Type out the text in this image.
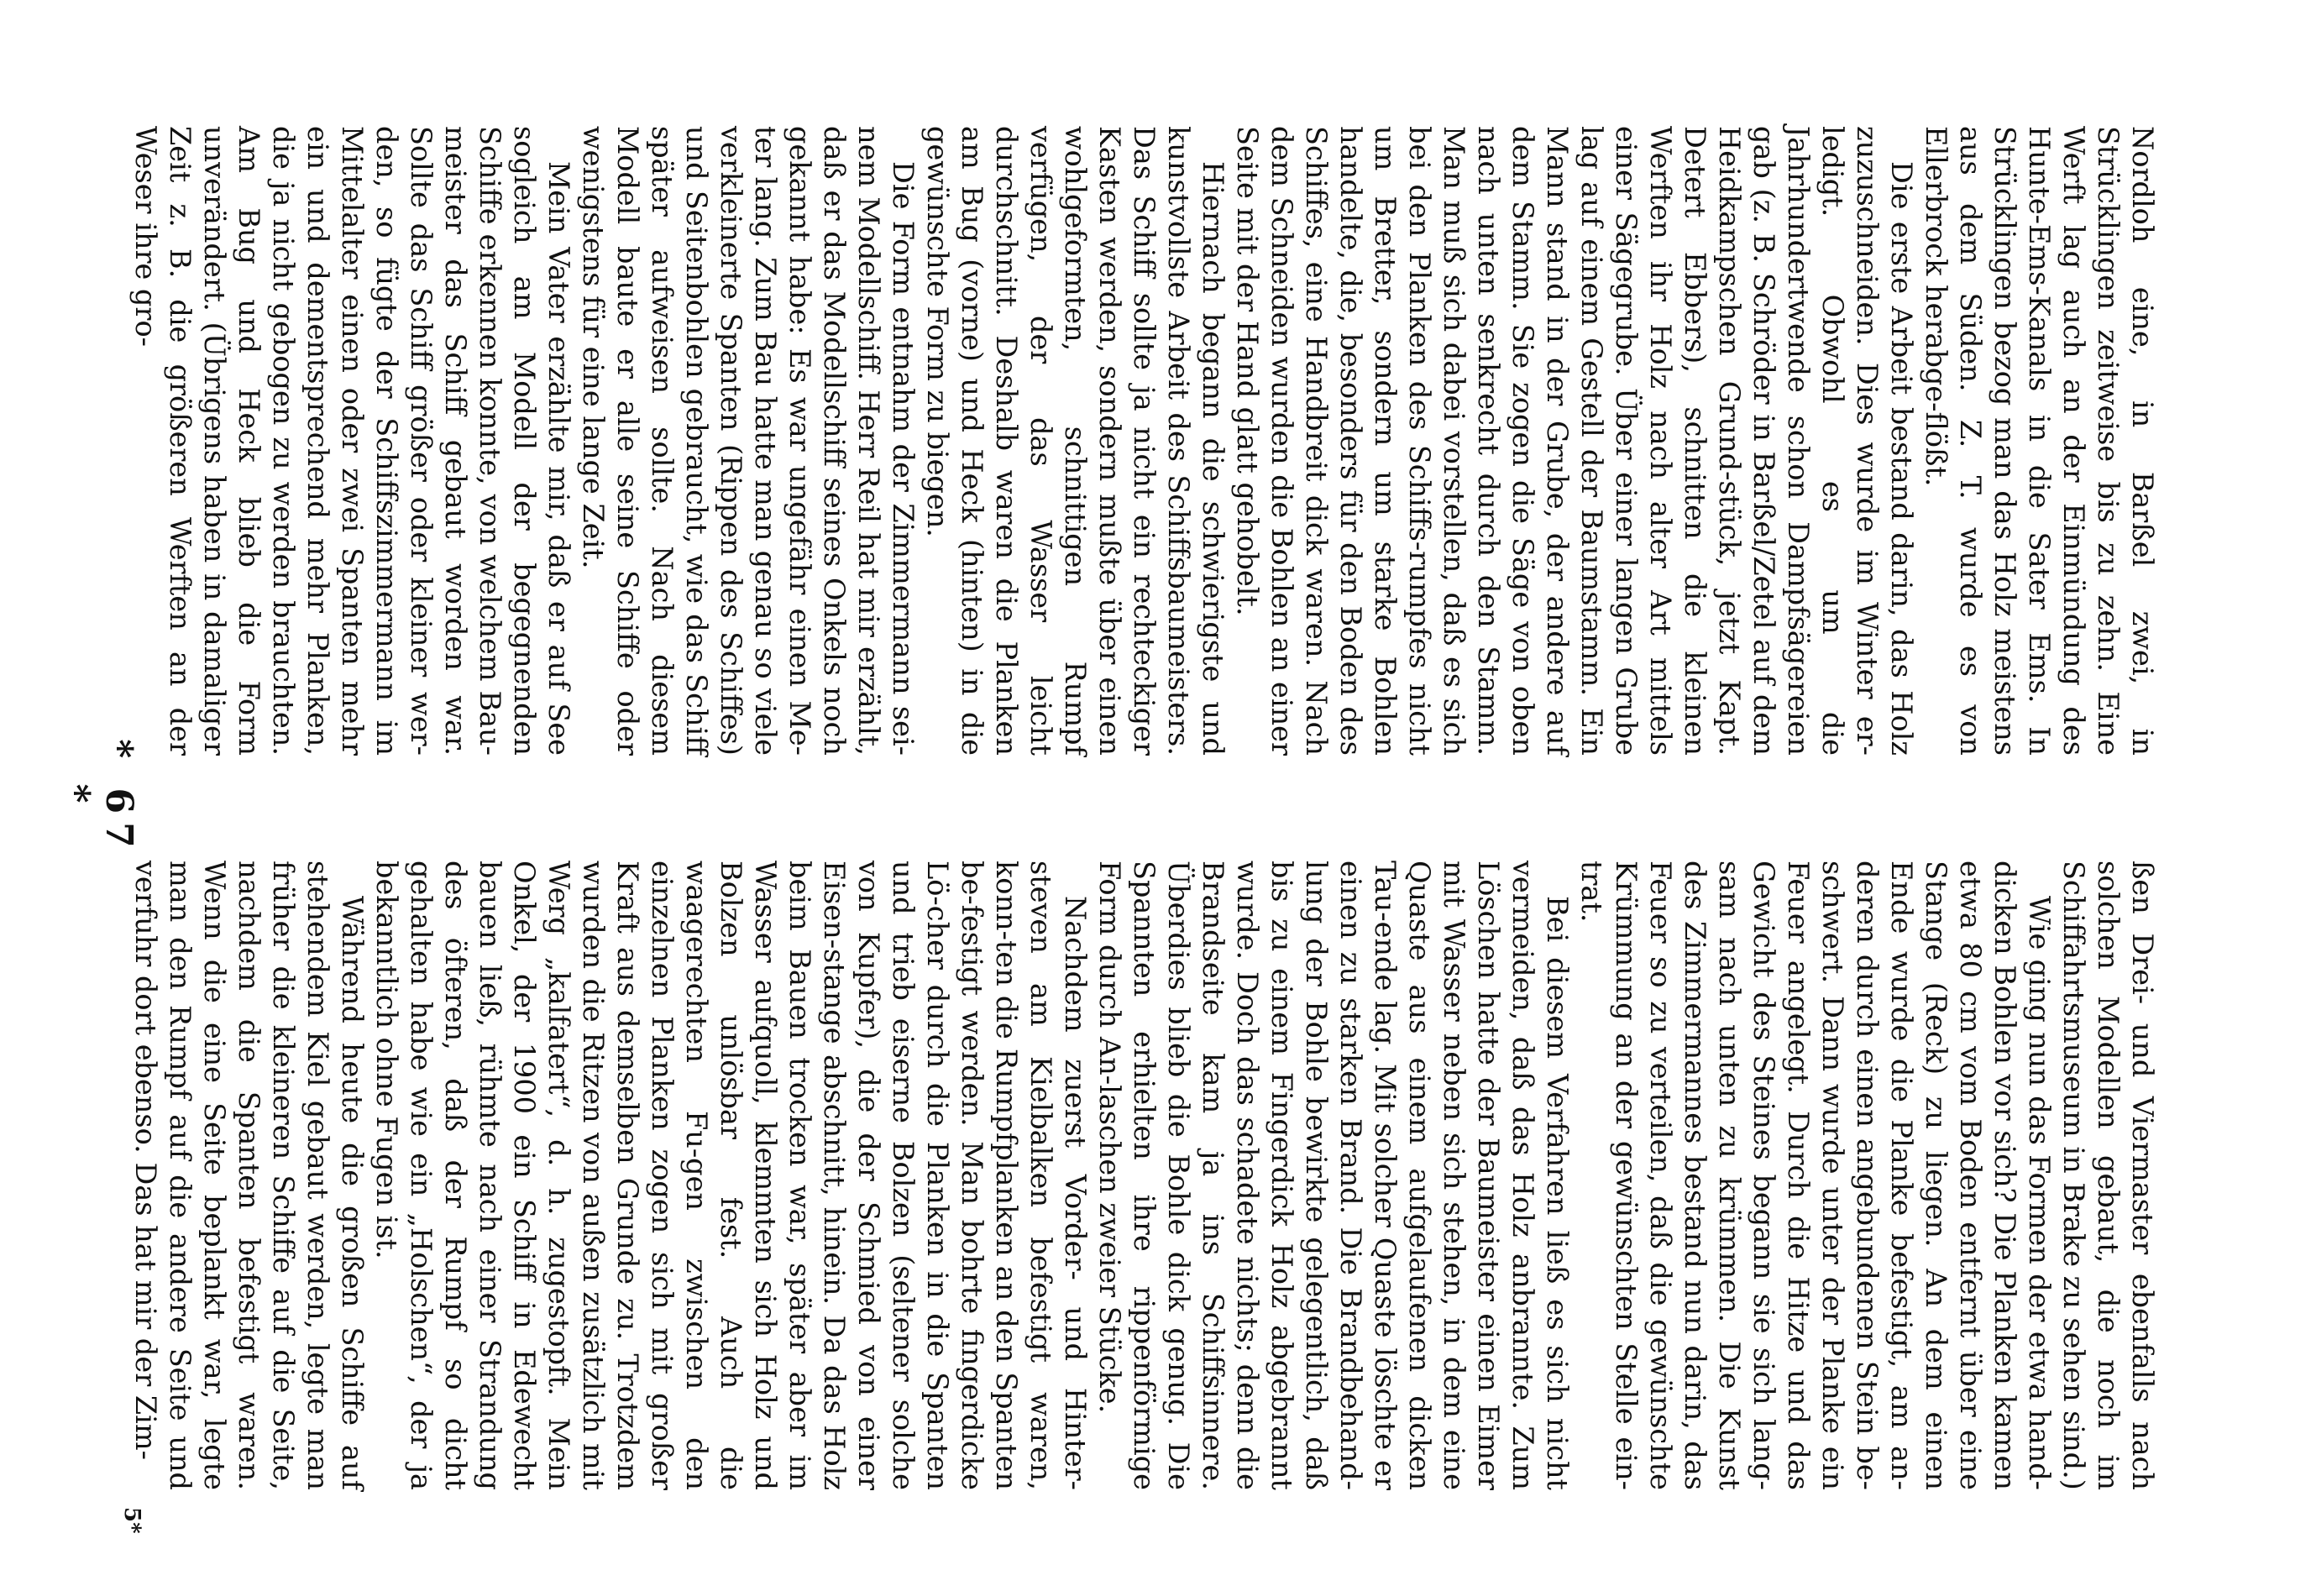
Nordloh eine, in Barßel zwei, in Strücklingen zeitweise bis zu zehn. Eine Werft lag auch an der Einmündung des Hunte-Ems-Kanals in die Sater Ems. In Strücklingen bezog man das Holz meistens aus dem Süden. Z. T. wurde es von Ellerbrock herabge-flößt.

Die erste Arbeit bestand darin, das Holz zuzuschneiden. Dies wurde im Winter er-ledigt. Obwohl es um die Jahrhundertwende schon Dampfsägereien gab (z. B. Schröder in Barßel/Zetel auf dem Heidkampschen Grund-stück, jetzt Kapt. Detert Ebbers), schnitten die kleinen Werften ihr Holz nach alter Art mittels einer Sägegrube. Über einer langen Grube lag auf einem Gestell der Baumstamm. Ein Mann stand in der Grube, der andere auf dem Stamm. Sie zogen die Säge von oben nach unten senkrecht durch den Stamm. Man muß sich dabei vorstellen, daß es sich bei den Planken des Schiffs-rumpfes nicht um Bretter, sondern um starke Bohlen handelte, die, besonders für den Boden des Schiffes, eine Handbreit dick waren. Nach dem Schneiden wurden die Bohlen an einer Seite mit der Hand glatt gehobelt.

Hiernach begann die schwierigste und kunstvollste Arbeit des Schiffsbaumeisters. Das Schiff sollte ja nicht ein rechteckiger Kasten werden, sondern mußte über einen wohlgeformten, schnittigen Rumpf verfügen, der das Wasser leicht durchschnitt. Deshalb waren die Planken am Bug (vorne) und Heck (hinten) in die gewünschte Form zu biegen.

Die Form entnahm der Zimmermann sei-nem Modellschiff. Herr Reil hat mir erzählt, daß er das Modellschiff seines Onkels noch gekannt habe: Es war ungefähr einen Me-ter lang. Zum Bau hatte man genau so viele verkleinerte Spanten (Rippen des Schiffes) und Seitenbohlen gebraucht, wie das Schiff später aufweisen sollte. Nach diesem Modell baute er alle seine Schiffe oder wenigstens für eine lange Zeit.

Mein Vater erzählte mir, daß er auf See sogleich am Modell der begegnenden Schiffe erkennen konnte, von welchem Bau-meister das Schiff gebaut worden war. Sollte das Schiff größer oder kleiner wer-den, so fügte der Schiffszimmermann im Mittelalter einen oder zwei Spanten mehr ein und dementsprechend mehr Planken, die ja nicht gebogen zu werden brauchten. Am Bug und Heck blieb die Form unverändert. (Übrigens haben in damaliger Zeit z. B. die größeren Werften an der Weser ihre gro-

ßen Drei- und Viermaster ebenfalls nach solchen Modellen gebaut, die noch im Schiffahrtsmuseum in Brake zu sehen sind.)

Wie ging nun das Formen der etwa hand-dicken Bohlen vor sich? Die Planken kamen etwa 80 cm vom Boden entfernt über eine Stange (Reck) zu liegen. An dem einen Ende wurde die Planke befestigt, am an-deren durch einen angebundenen Stein be-schwert. Dann wurde unter der Planke ein Feuer angelegt. Durch die Hitze und das Gewicht des Steines begann sie sich lang-sam nach unten zu krümmen. Die Kunst des Zimmermannes bestand nun darin, das Feuer so zu verteilen, daß die gewünschte Krümmung an der gewünschten Stelle ein-trat.

Bei diesem Verfahren ließ es sich nicht vermeiden, daß das Holz anbrannte. Zum Löschen hatte der Baumeister einen Eimer mit Wasser neben sich stehen, in dem eine Quaste aus einem aufgelaufenen dicken Tau-ende lag. Mit solcher Quaste löschte er einen zu starken Brand. Die Brandbehand-lung der Bohle bewirkte gelegentlich, daß bis zu einem Fingerdick Holz abgebrannt wurde. Doch das schadete nichts; denn die Brandseite kam ja ins Schiffsinnere. Überdies blieb die Bohle dick genug. Die Spannten erhielten ihre rippenförmige Form durch An-laschen zweier Stücke.

Nachdem zuerst Vorder- und Hinter-steven am Kielbalken befestigt waren, konn-ten die Rumpfplanken an den Spanten be-festigt werden. Man bohrte fingerdicke Lö-cher durch die Planken in die Spanten und trieb eiserne Bolzen (seltener solche von Kupfer), die der Schmied von einer Eisen-stange abschnitt, hinein. Da das Holz beim Bauen trocken war, später aber im Wasser aufquoll, klemmten sich Holz und Bolzen unlösbar fest. Auch die waagerechten Fu-gen zwischen den einzelnen Planken zogen sich mit großer Kraft aus demselben Grunde zu. Trotzdem wurden die Ritzen von außen zusätzlich mit Werg „kalfatert“, d. h. zugestopft. Mein Onkel, der 1900 ein Schiff in Edewecht bauen ließ, rühmte nach einer Strandung des öfteren, daß der Rumpf so dicht gehalten habe wie ein „Holschen“, der ja bekanntlich ohne Fugen ist.

Während heute die großen Schiffe auf stehendem Kiel gebaut werden, legte man früher die kleineren Schiffe auf die Seite, nachdem die Spanten befestigt waren. Wenn die eine Seite beplankt war, legte man den Rumpf auf die andere Seite und verfuhr dort ebenso. Das hat mir der Zim-

* 67 *
5*
